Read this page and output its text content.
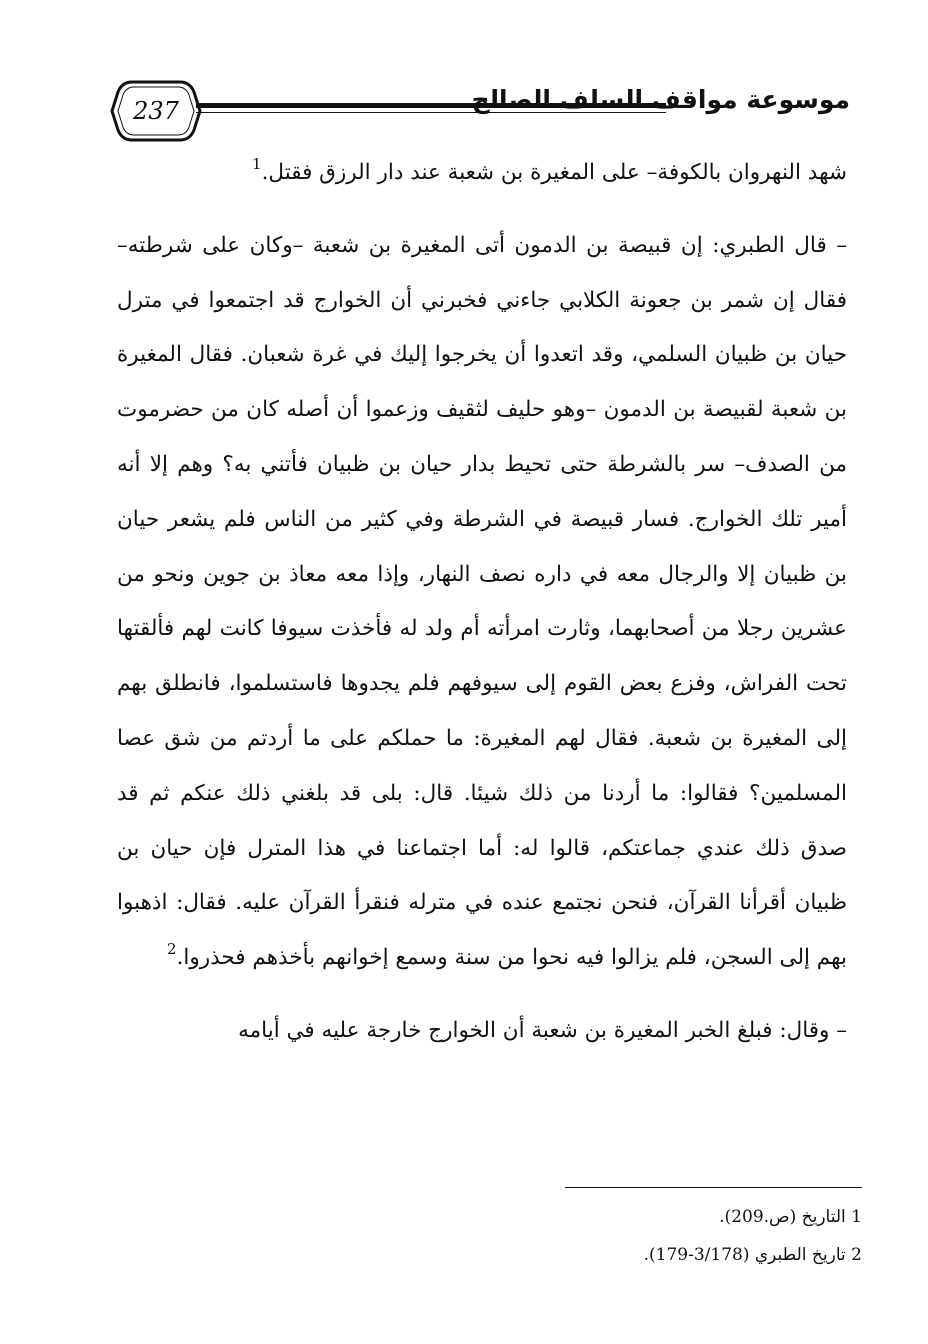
237	موسوعة مواقف السلف الصالح

شهد النهروان بالكوفة– على المغيرة بن شعبة عند دار الرزق فقتل.$^1$

– قال الطبري: إن قبيصة بن الدمون أتى المغيرة بن شعبة –وكان على شرطته– فقال إن شمر بن جعونة الكلابي جاءني فخبرني أن الخوارج قد اجتمعوا في مترل حيان بن ظبيان السلمي، وقد اتعدوا أن يخرجوا إليك في غرة شعبان. فقال المغيرة بن شعبة لقبيصة بن الدمون –وهو حليف لثقيف وزعموا أن أصله كان من حضرموت من الصدف– سر بالشرطة حتى تحيط بدار حيان بن ظبيان فأتني به؟ وهم إلا أنه أمير تلك الخوارج. فسار قبيصة في الشرطة وفي كثير من الناس فلم يشعر حيان بن ظبيان إلا والرجال معه في داره نصف النهار، وإذا معه معاذ بن جوين ونحو من عشرين رجلا من أصحابهما، وثارت امرأته أم ولد له فأخذت سيوفا كانت لهم فألقتها تحت الفراش، وفزع بعض القوم إلى سيوفهم فلم يجدوها فاستسلموا، فانطلق بهم إلى المغيرة بن شعبة. فقال لهم المغيرة: ما حملكم على ما أردتم من شق عصا المسلمين؟ فقالوا: ما أردنا من ذلك شيئا. قال: بلى قد بلغني ذلك عنكم ثم قد صدق ذلك عندي جماعتكم، قالوا له: أما اجتماعنا في هذا المترل فإن حيان بن ظبيان أقرأنا القرآن، فنحن نجتمع عنده في مترله فنقرأ القرآن عليه. فقال: اذهبوا بهم إلى السجن، فلم يزالوا فيه نحوا من سنة وسمع إخوانهم بأخذهم فحذروا.$^2$

– وقال: فبلغ الخبر المغيرة بن شعبة أن الخوارج خارجة عليه في أيامه

1 التاريخ (ص.209).
2 تاريخ الطبري (3/178-179).
